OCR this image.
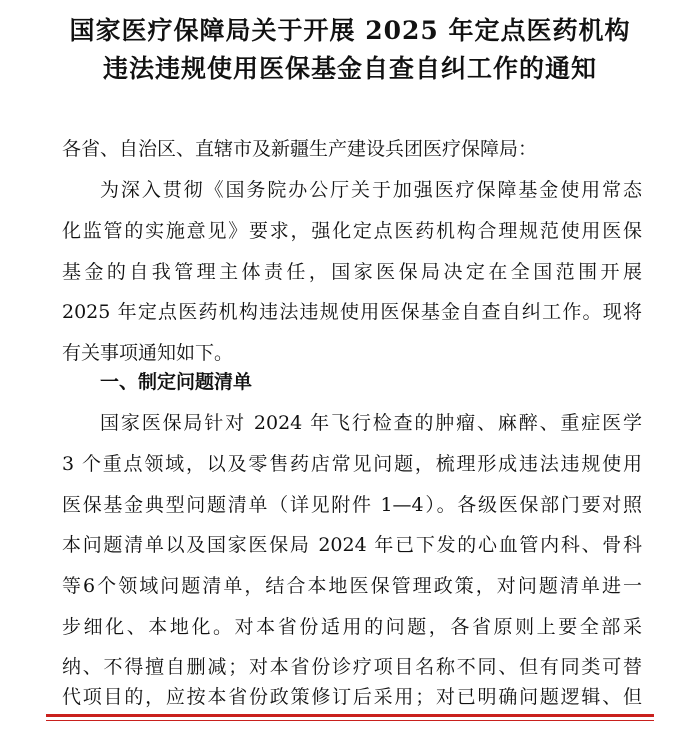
国家医疗保障局关于开展 2025 年定点医药机构
违法违规使用医保基金自查自纠工作的通知
各省、自治区、直辖市及新疆生产建设兵团医疗保障局：
为深入贯彻《国务院办公厅关于加强医疗保障基金使用常态
化监管的实施意见》要求，强化定点医药机构合理规范使用医保
基金的自我管理主体责任，国家医保局决定在全国范围开展
2025 年定点医药机构违法违规使用医保基金自查自纠工作。现将
有关事项通知如下。
一、制定问题清单
国家医保局针对 2024 年飞行检查的肿瘤、麻醉、重症医学
3 个重点领域，以及零售药店常见问题，梳理形成违法违规使用
医保基金典型问题清单（详见附件 1—4）。各级医保部门要对照
本问题清单以及国家医保局 2024 年已下发的心血管内科、骨科
等6个领域问题清单，结合本地医保管理政策，对问题清单进一
步细化、本地化。对本省份适用的问题，各省原则上要全部采
纳、不得擅自删减；对本省份诊疗项目名称不同、但有同类可替
代项目的，应按本省份政策修订后采用；对已明确问题逻辑、但
